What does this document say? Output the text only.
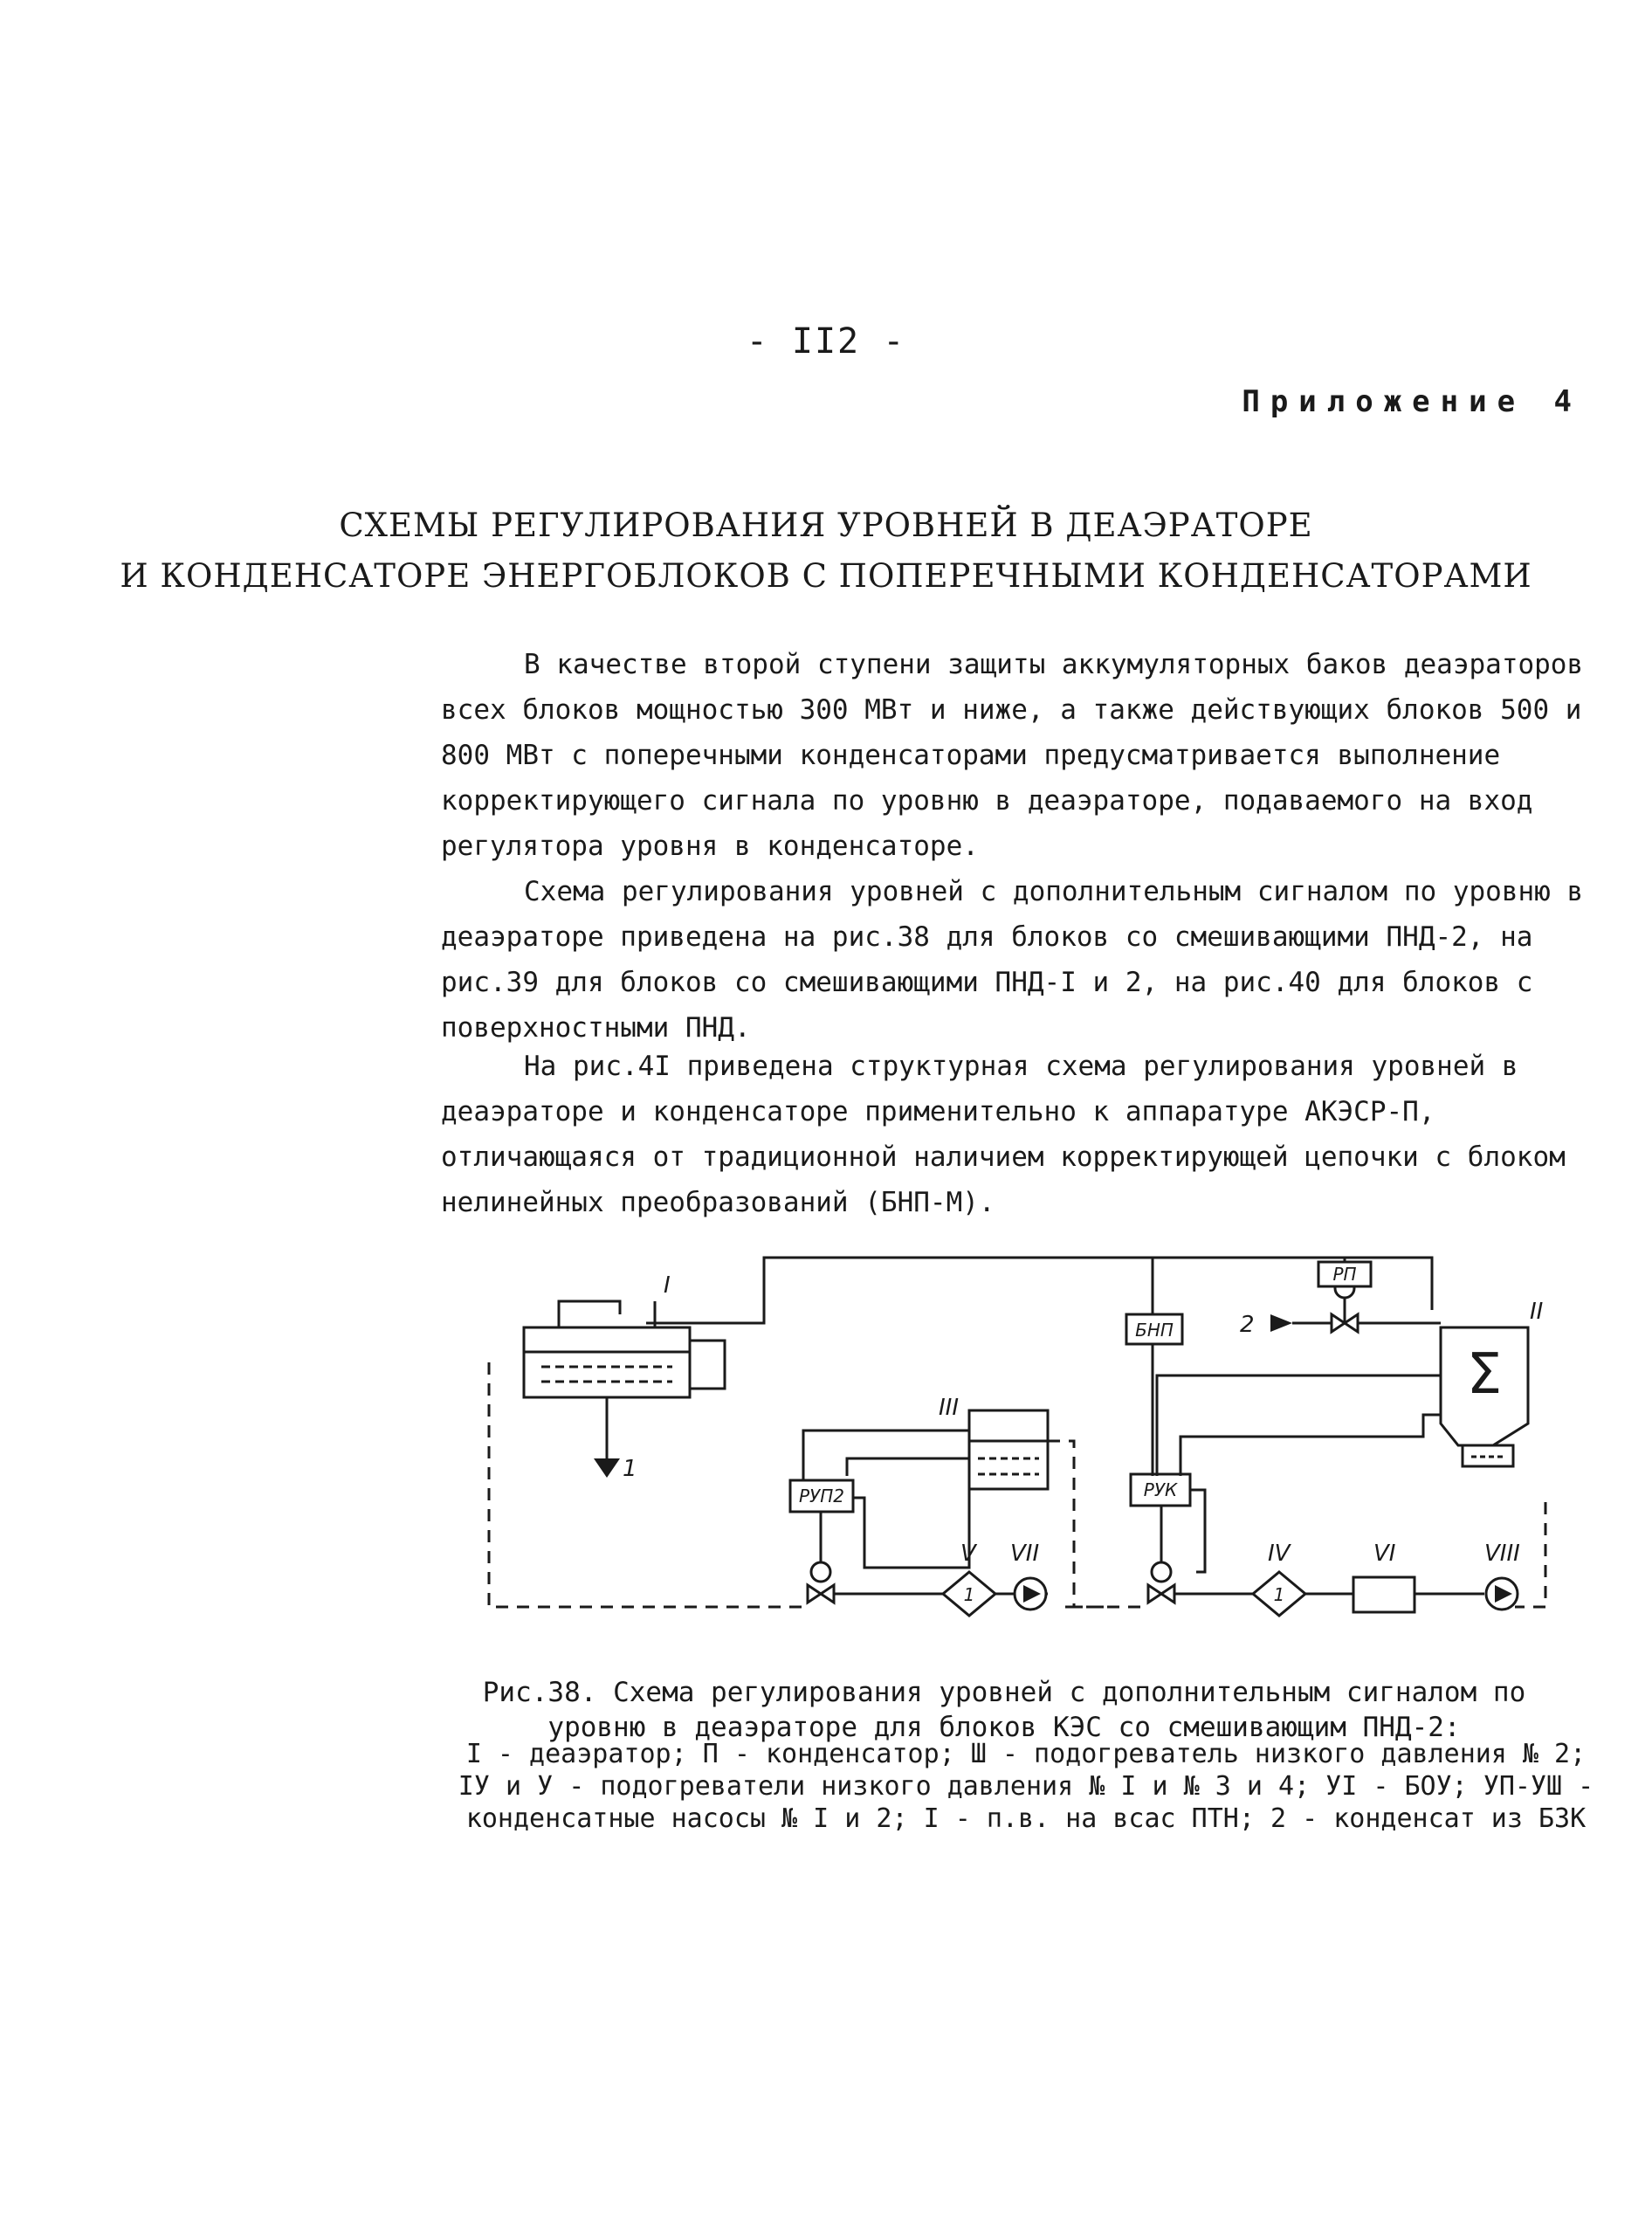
- II2 -
Приложение 4
СХЕМЫ РЕГУЛИРОВАНИЯ УРОВНЕЙ В ДЕАЭРАТОРЕ
И КОНДЕНСАТОРЕ ЭНЕРГОБЛОКОВ С ПОПЕРЕЧНЫМИ КОНДЕНСАТОРАМИ

В качестве второй ступени защиты аккумуляторных баков деаэраторов всех блоков мощностью 300 МВт и ниже, а также действующих блоков 500 и 800 МВт с поперечными конденсаторами предусматривается выполнение корректирующего сигнала по уровню в деаэраторе, подаваемого на вход регулятора уровня в конденсаторе.

Схема регулирования уровней с дополнительным сигналом по уровню в деаэраторе приведена на рис.38 для блоков со смешивающими ПНД-2, на рис.39 для блоков со смешивающими ПНД-I и 2, на рис.40 для блоков с поверхностными ПНД.

На рис.4I приведена структурная схема регулирования уровней в деаэраторе и конденсаторе применительно к аппаратуре АКЭСР-П, отличающаяся от традиционной наличием корректирующей цепочки с блоком нелинейных преобразований (БНП-М).

I
II
III
IV
V	VI
VII	VIII
1
2
БНП
РП
РУП2	РУК
1	1
Σ

Рис.38. Схема регулирования уровней с дополнительным сигналом по уровню в деаэраторе для блоков КЭС со смешивающим ПНД-2:

I - деаэратор; П - конденсатор; Ш - подогреватель низкого давления № 2; IУ и У - подогреватели низкого давления № I и № 3 и 4; УI - БОУ; УП-УШ - конденсатные насосы № I и 2; I - п.в. на всас ПТН; 2 - конденсат из БЗК
